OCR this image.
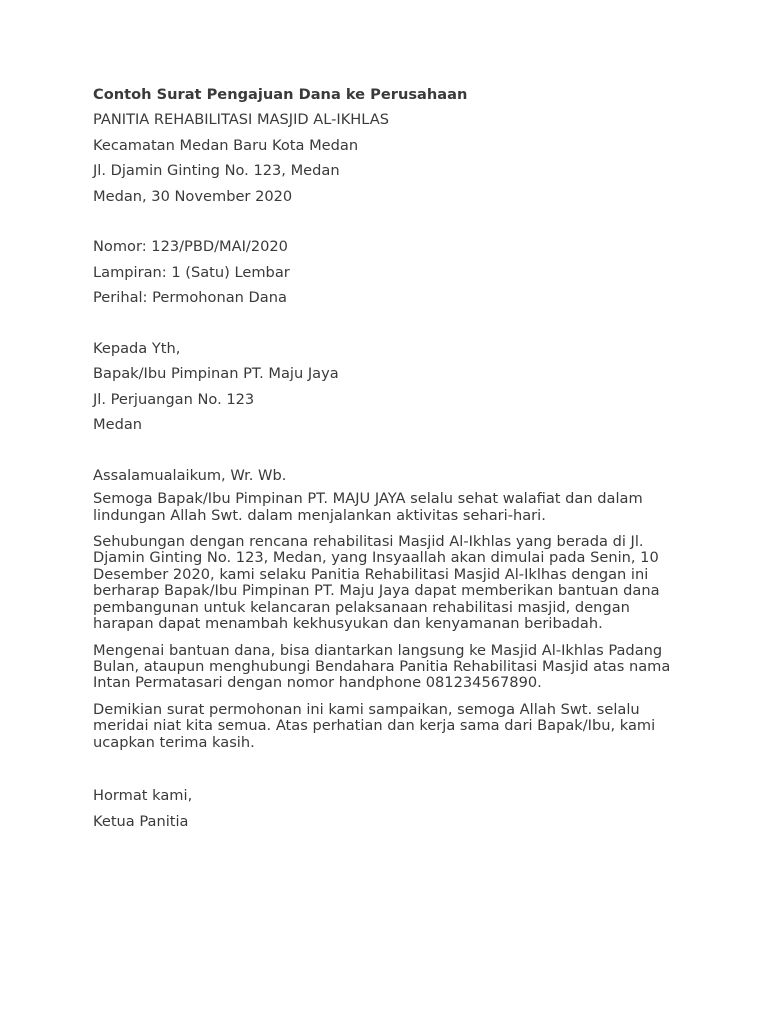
Contoh Surat Pengajuan Dana ke Perusahaan
PANITIA REHABILITASI MASJID AL-IKHLAS
Kecamatan Medan Baru Kota Medan
Jl. Djamin Ginting No. 123, Medan
Medan, 30 November 2020
Nomor: 123/PBD/MAI/2020
Lampiran: 1 (Satu) Lembar
Perihal: Permohonan Dana
Kepada Yth,
Bapak/Ibu Pimpinan PT. Maju Jaya
Jl. Perjuangan No. 123
Medan
Assalamualaikum, Wr. Wb.
Semoga Bapak/Ibu Pimpinan PT. MAJU JAYA selalu sehat walafiat dan dalam lindungan Allah Swt. dalam menjalankan aktivitas sehari-hari.
Sehubungan dengan rencana rehabilitasi Masjid Al-Ikhlas yang berada di Jl. Djamin Ginting No. 123, Medan, yang Insyaallah akan dimulai pada Senin, 10 Desember 2020, kami selaku Panitia Rehabilitasi Masjid Al-Iklhas dengan ini berharap Bapak/Ibu Pimpinan PT. Maju Jaya dapat memberikan bantuan dana pembangunan untuk kelancaran pelaksanaan rehabilitasi masjid, dengan harapan dapat menambah kekhusyukan dan kenyamanan beribadah.
Mengenai bantuan dana, bisa diantarkan langsung ke Masjid Al-Ikhlas Padang Bulan, ataupun menghubungi Bendahara Panitia Rehabilitasi Masjid atas nama Intan Permatasari dengan nomor handphone 081234567890.
Demikian surat permohonan ini kami sampaikan, semoga Allah Swt. selalu meridai niat kita semua. Atas perhatian dan kerja sama dari Bapak/Ibu, kami ucapkan terima kasih.
Hormat kami,
Ketua Panitia
